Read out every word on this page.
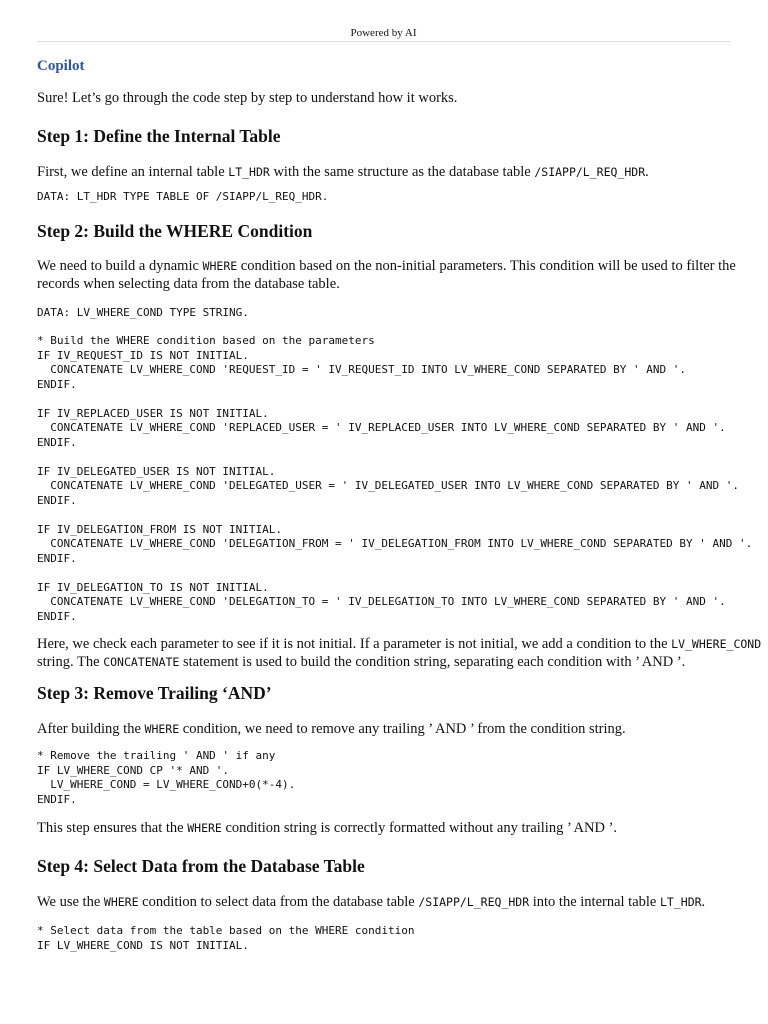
Powered by AI
Copilot

Sure! Let’s go through the code step by step to understand how it works.

Step 1: Define the Internal Table

First, we define an internal table LT_HDR with the same structure as the database table /SIAPP/L_REQ_HDR.

DATA: LT_HDR TYPE TABLE OF /SIAPP/L_REQ_HDR.
Step 2: Build the WHERE Condition

We need to build a dynamic WHERE condition based on the non-initial parameters. This condition will be used to filter the records when selecting data from the database table.

DATA: LV_WHERE_COND TYPE STRING.
* Build the WHERE condition based on the parameters
IF IV_REQUEST_ID IS NOT INITIAL.
CONCATENATE LV_WHERE_COND 'REQUEST_ID = ' IV_REQUEST_ID INTO LV_WHERE_COND SEPARATED BY ' AND '.
ENDIF.

IF IV_REPLACED_USER IS NOT INITIAL.
CONCATENATE LV_WHERE_COND 'REPLACED_USER = ' IV_REPLACED_USER INTO LV_WHERE_COND SEPARATED BY ' AND '.
ENDIF.

IF IV_DELEGATED_USER IS NOT INITIAL.
CONCATENATE LV_WHERE_COND 'DELEGATED_USER = ' IV_DELEGATED_USER INTO LV_WHERE_COND SEPARATED BY ' AND '.
ENDIF.

IF IV_DELEGATION_FROM IS NOT INITIAL.
CONCATENATE LV_WHERE_COND 'DELEGATION_FROM = ' IV_DELEGATION_FROM INTO LV_WHERE_COND SEPARATED BY ' AND '.
ENDIF.

IF IV_DELEGATION_TO IS NOT INITIAL.
CONCATENATE LV_WHERE_COND 'DELEGATION_TO = ' IV_DELEGATION_TO INTO LV_WHERE_COND SEPARATED BY ' AND '.
ENDIF.

Here, we check each parameter to see if it is not initial. If a parameter is not initial, we add a condition to the LV_WHERE_COND string. The CONCATENATE statement is used to build the condition string, separating each condition with ’ AND ’.

Step 3: Remove Trailing ‘AND’

After building the WHERE condition, we need to remove any trailing ’ AND ’ from the condition string.

* Remove the trailing ' AND ' if any
IF LV_WHERE_COND CP '* AND '.
LV_WHERE_COND = LV_WHERE_COND+0(*-4).
ENDIF.

This step ensures that the WHERE condition string is correctly formatted without any trailing ’ AND ’.

Step 4: Select Data from the Database Table

We use the WHERE condition to select data from the database table /SIAPP/L_REQ_HDR into the internal table LT_HDR.

* Select data from the table based on the WHERE condition
IF LV_WHERE_COND IS NOT INITIAL.
